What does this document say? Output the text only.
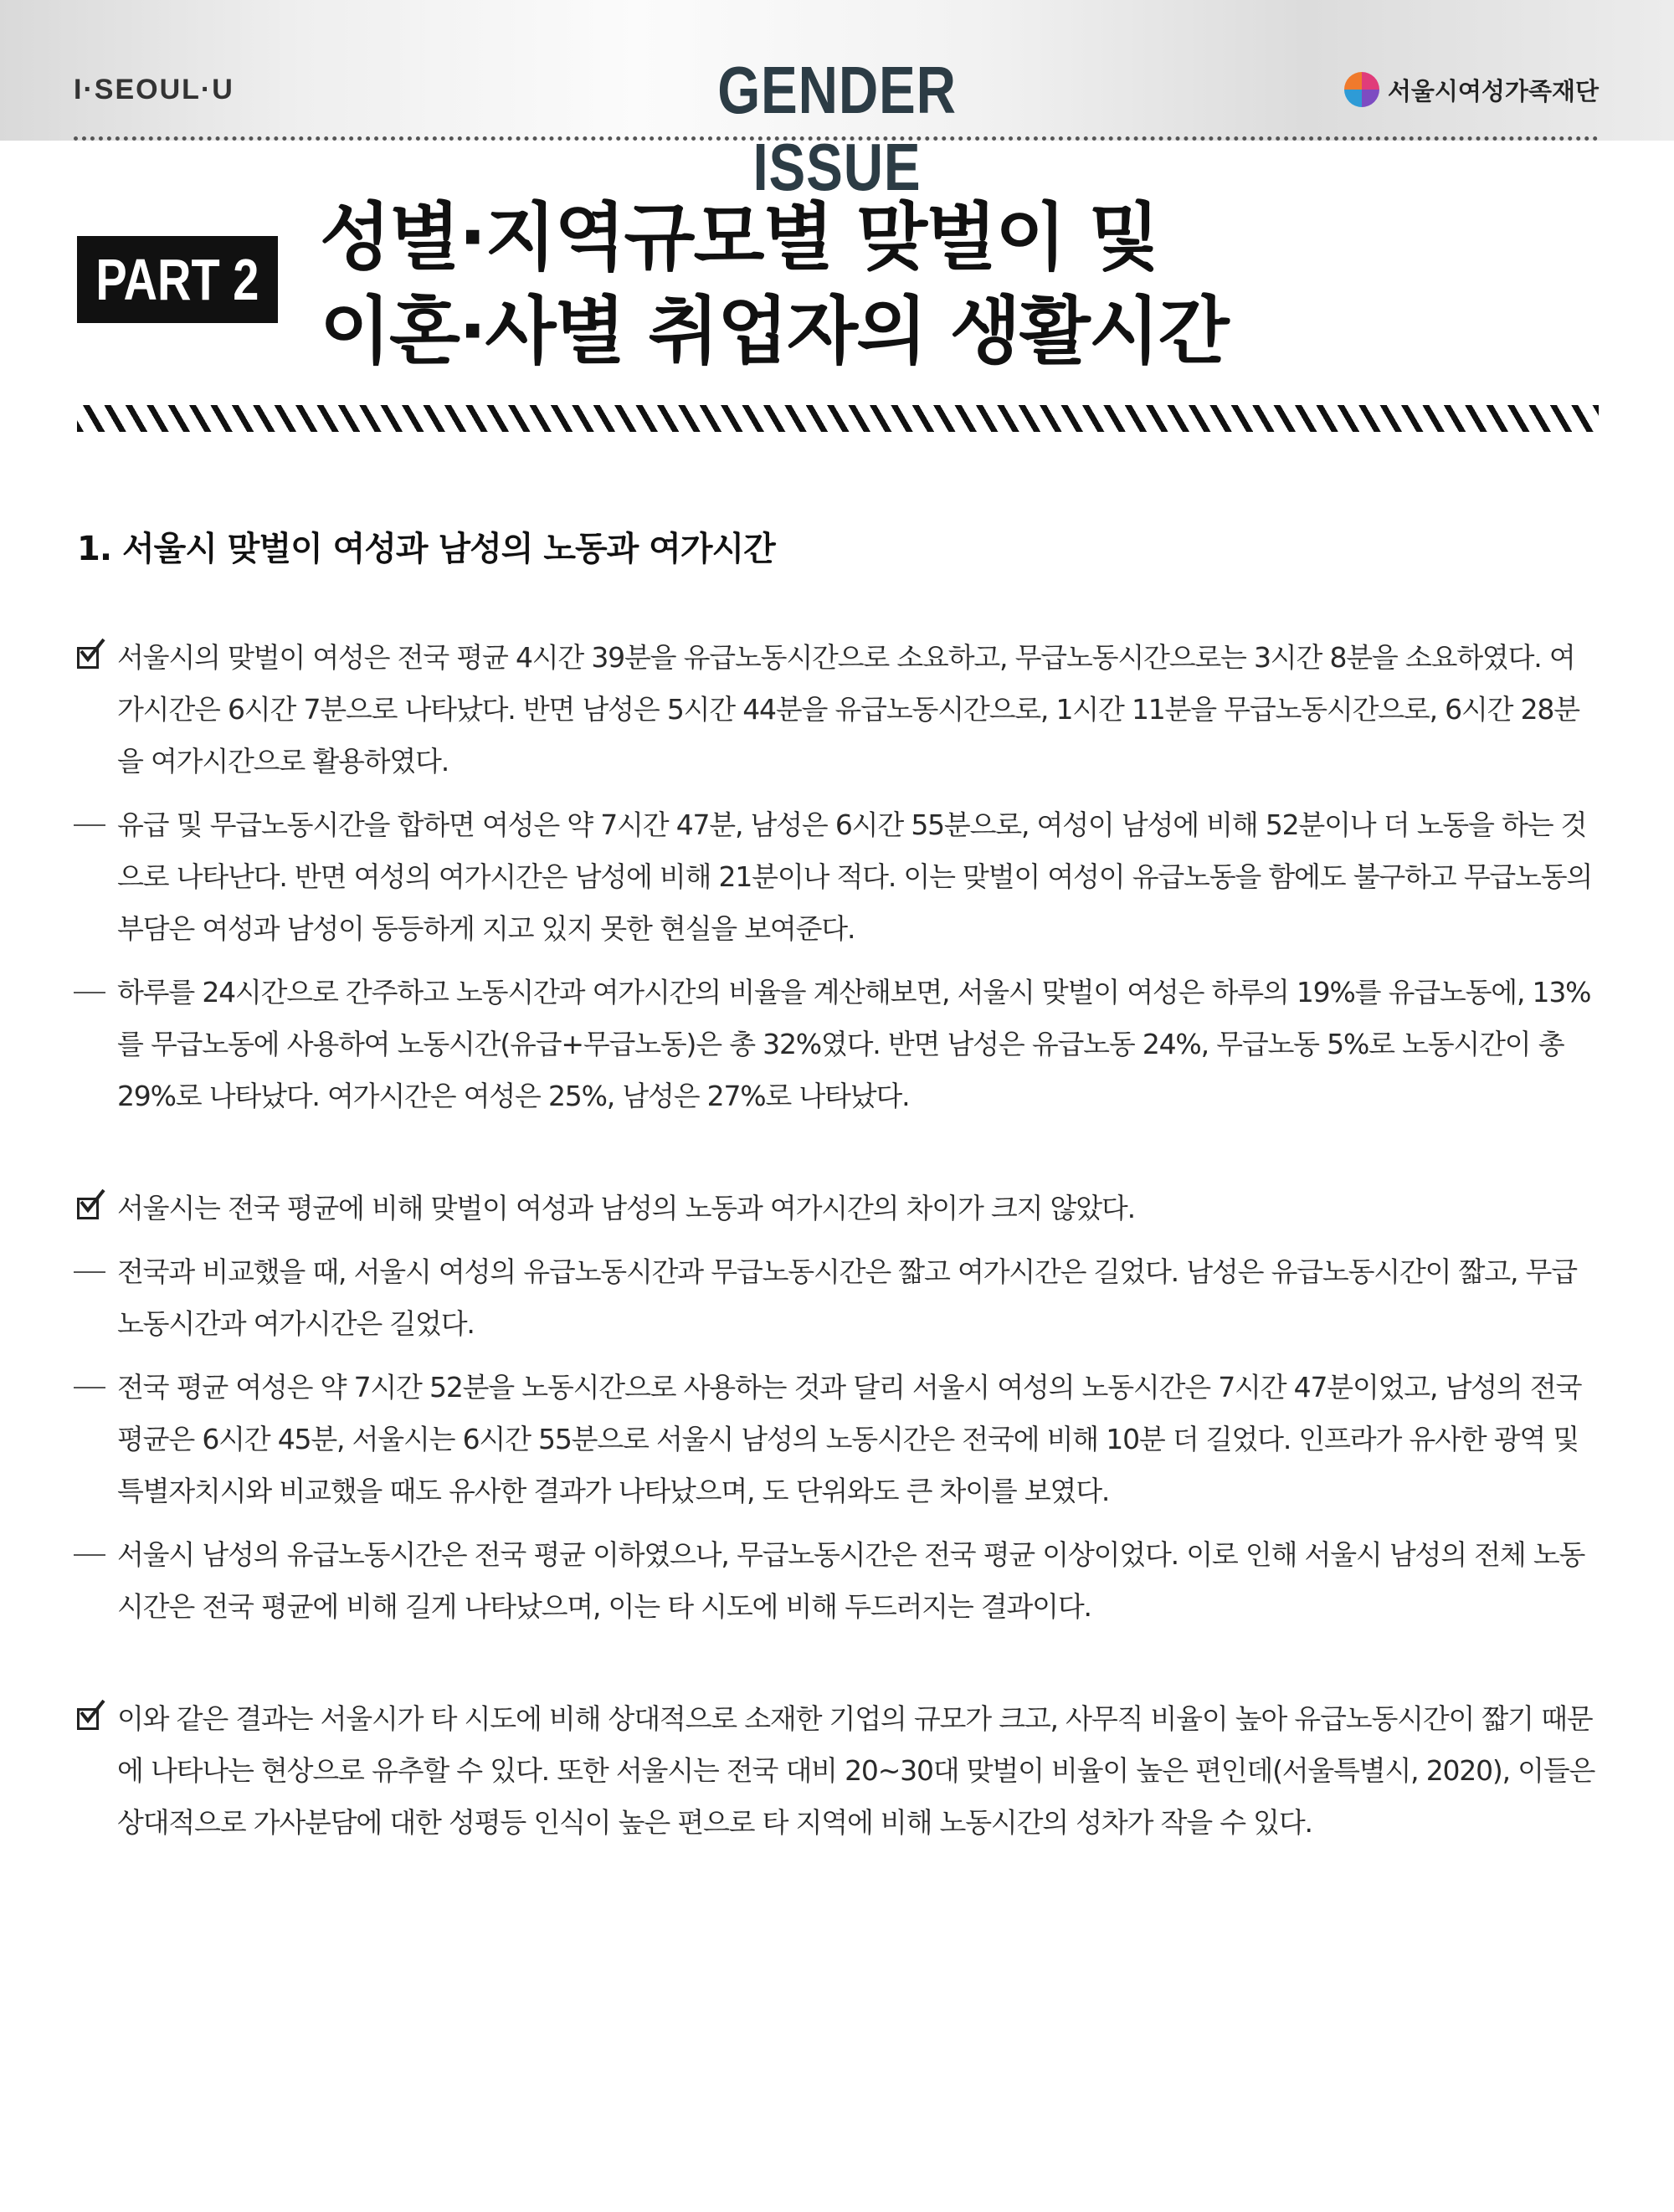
I·SEOUL·U	GENDER ISSUE
서울시여성가족재단
PART 2 성별·지역규모별 맞벌이 및
이혼·사별 취업자의 생활시간
1. 서울시 맞벌이 여성과 남성의 노동과 여가시간
서울시의 맞벌이 여성은 전국 평균 4시간 39분을 유급노동시간으로 소요하고, 무급노동시간으로는 3시간 8분을 소요하였다. 여가시간은 6시간 7분으로 나타났다. 반면 남성은 5시간 44분을 유급노동시간으로, 1시간 11분을 무급노동시간으로, 6시간 28분을 여가시간으로 활용하였다.
유급 및 무급노동시간을 합하면 여성은 약 7시간 47분, 남성은 6시간 55분으로, 여성이 남성에 비해 52분이나 더 노동을 하는 것으로 나타난다. 반면 여성의 여가시간은 남성에 비해 21분이나 적다. 이는 맞벌이 여성이 유급노동을 함에도 불구하고 무급노동의 부담은 여성과 남성이 동등하게 지고 있지 못한 현실을 보여준다.
하루를 24시간으로 간주하고 노동시간과 여가시간의 비율을 계산해보면, 서울시 맞벌이 여성은 하루의 19%를 유급노동에, 13%를 무급노동에 사용하여 노동시간(유급+무급노동)은 총 32%였다. 반면 남성은 유급노동 24%, 무급노동 5%로 노동시간이 총 29%로 나타났다. 여가시간은 여성은 25%, 남성은 27%로 나타났다.
서울시는 전국 평균에 비해 맞벌이 여성과 남성의 노동과 여가시간의 차이가 크지 않았다.
전국과 비교했을 때, 서울시 여성의 유급노동시간과 무급노동시간은 짧고 여가시간은 길었다. 남성은 유급노동시간이 짧고, 무급노동시간과 여가시간은 길었다.
전국 평균 여성은 약 7시간 52분을 노동시간으로 사용하는 것과 달리 서울시 여성의 노동시간은 7시간 47분이었고, 남성의 전국 평균은 6시간 45분, 서울시는 6시간 55분으로 서울시 남성의 노동시간은 전국에 비해 10분 더 길었다. 인프라가 유사한 광역 및 특별자치시와 비교했을 때도 유사한 결과가 나타났으며, 도 단위와도 큰 차이를 보였다.
서울시 남성의 유급노동시간은 전국 평균 이하였으나, 무급노동시간은 전국 평균 이상이었다. 이로 인해 서울시 남성의 전체 노동시간은 전국 평균에 비해 길게 나타났으며, 이는 타 시도에 비해 두드러지는 결과이다.
이와 같은 결과는 서울시가 타 시도에 비해 상대적으로 소재한 기업의 규모가 크고, 사무직 비율이 높아 유급노동시간이 짧기 때문에 나타나는 현상으로 유추할 수 있다. 또한 서울시는 전국 대비 20~30대 맞벌이 비율이 높은 편인데(서울특별시, 2020), 이들은 상대적으로 가사분담에 대한 성평등 인식이 높은 편으로 타 지역에 비해 노동시간의 성차가 작을 수 있다.
